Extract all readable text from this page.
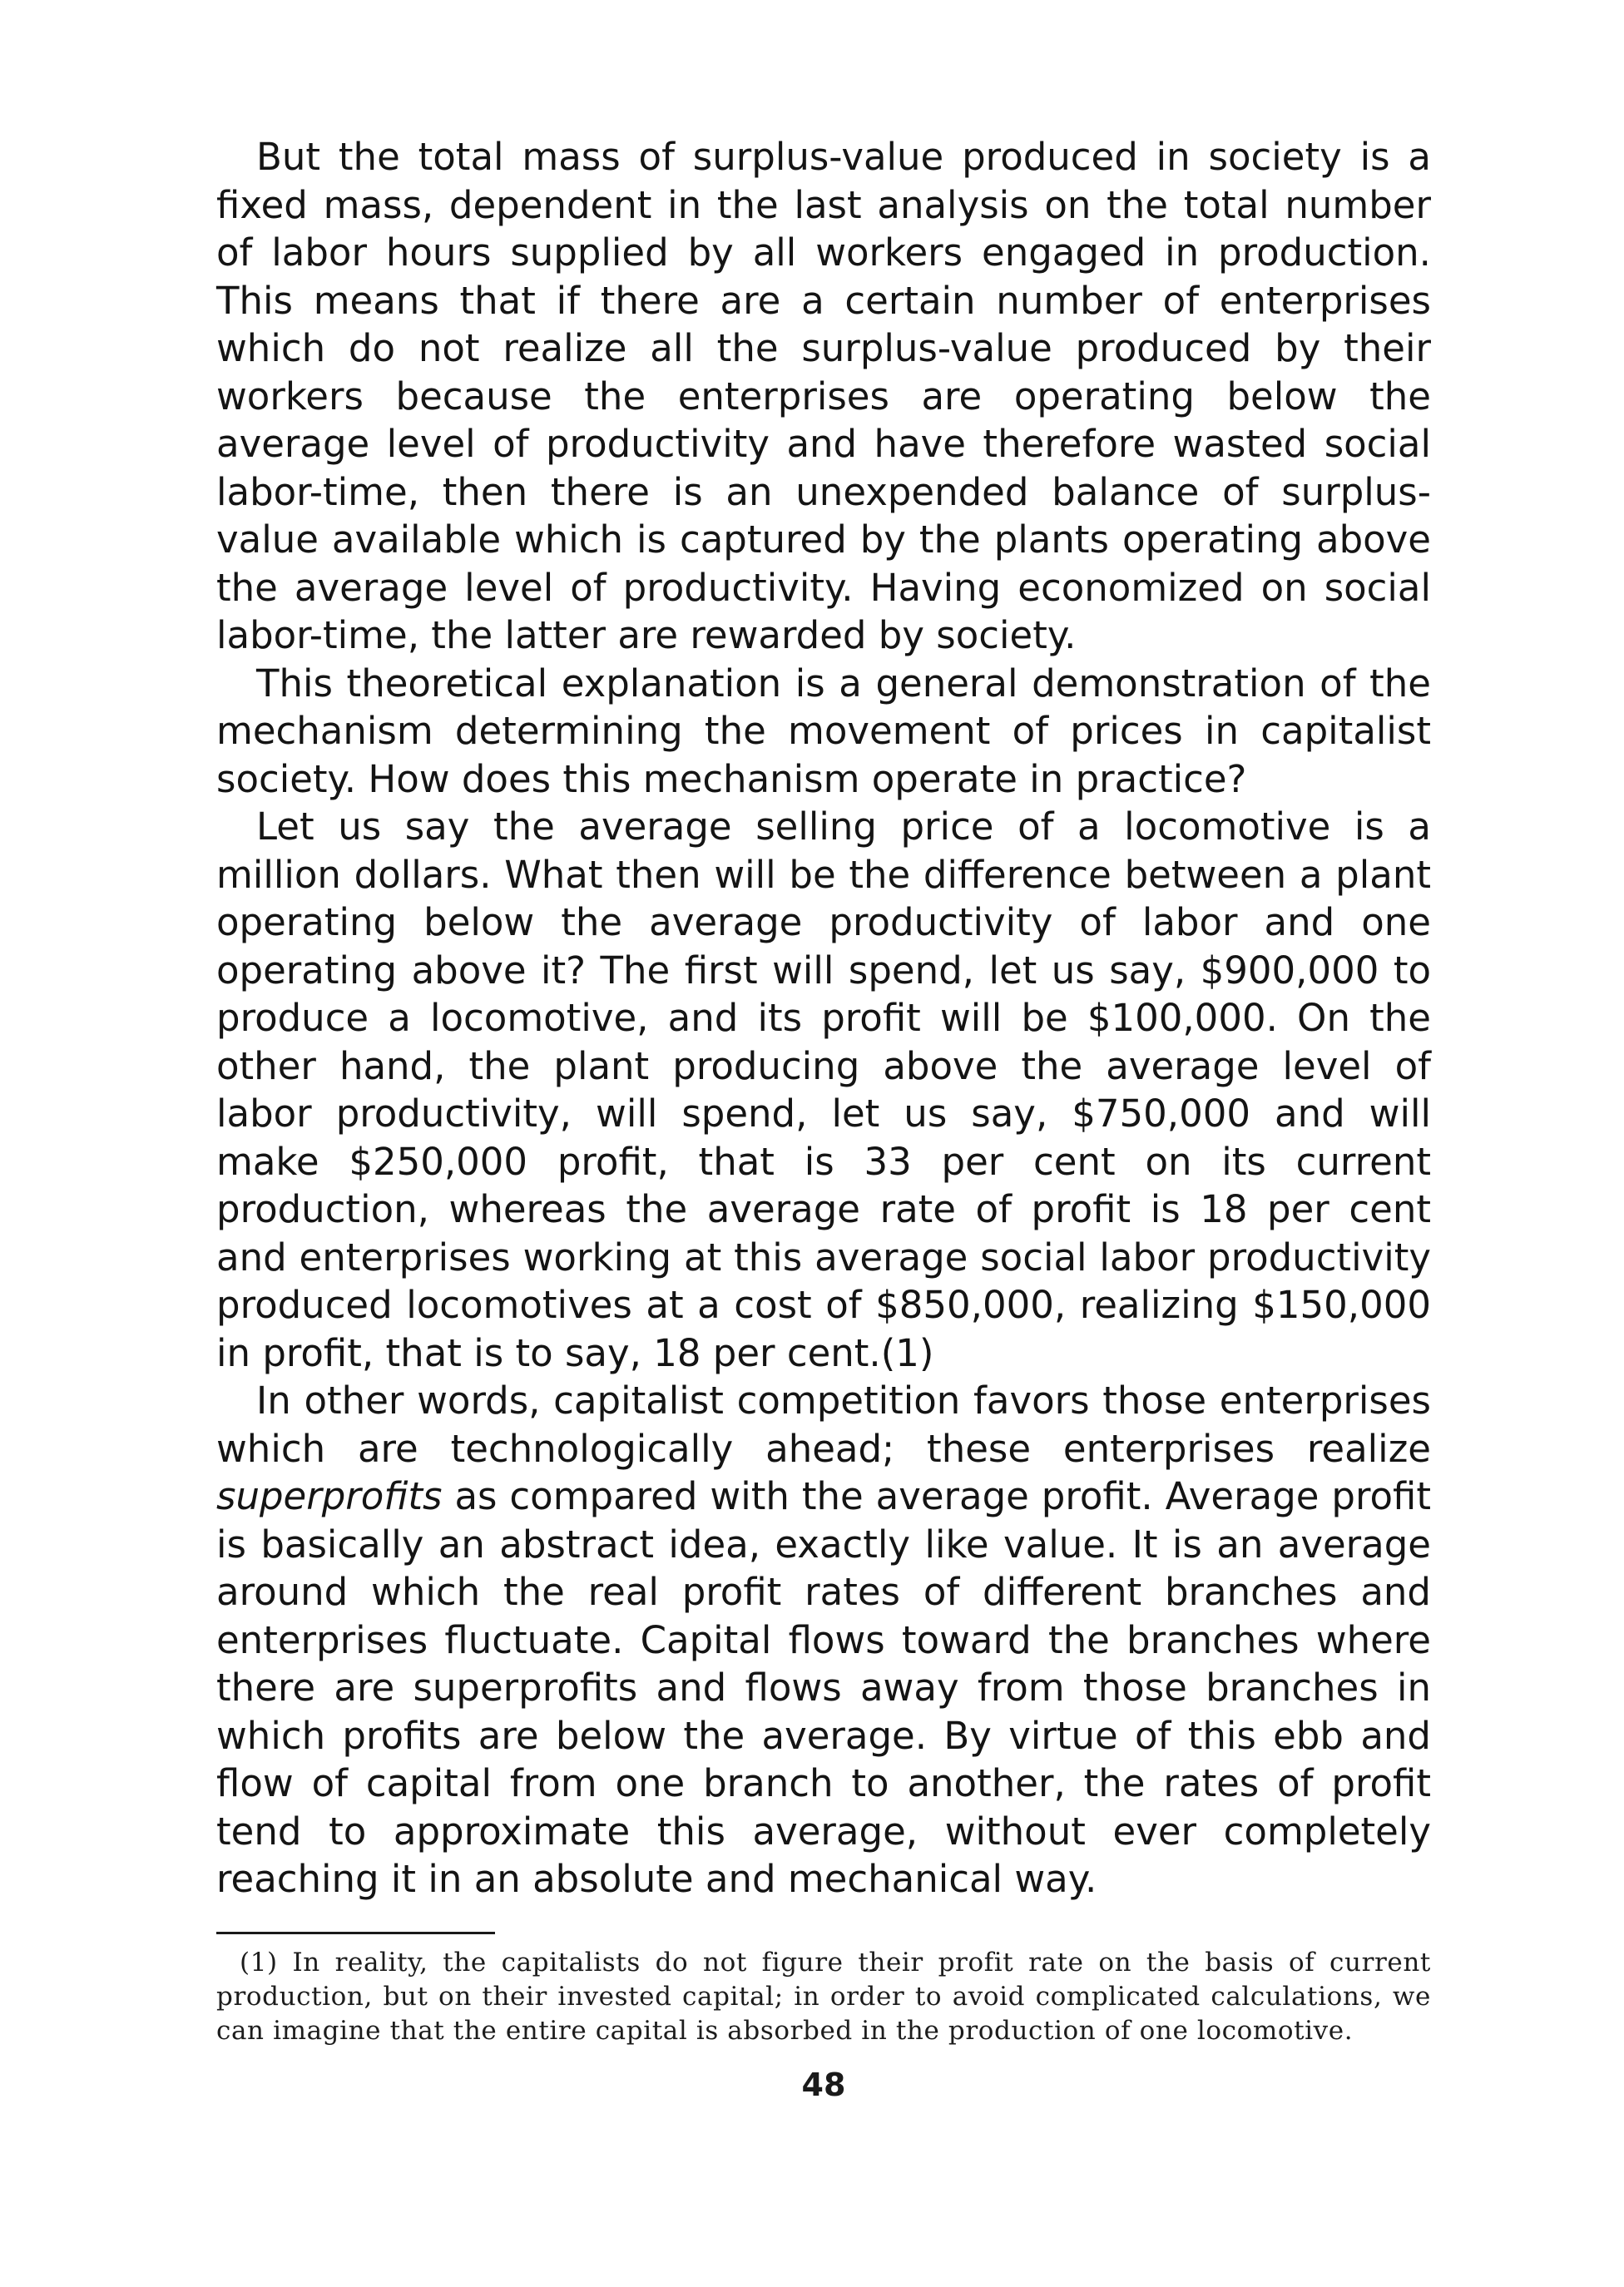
But the total mass of surplus-value produced in society is a fixed mass, dependent in the last analysis on the total number of labor hours supplied by all workers engaged in production. This means that if there are a certain number of enterprises which do not realize all the surplus-value produced by their workers because the enterprises are operating below the average level of productivity and have therefore wasted social labor-time, then there is an unexpended balance of surplus-value available which is captured by the plants operating above the average level of productivity. Having economized on social labor-time, the latter are rewarded by society.

This theoretical explanation is a general demonstration of the mechanism determining the movement of prices in capitalist society. How does this mechanism operate in practice?

Let us say the average selling price of a locomotive is a million dollars. What then will be the difference between a plant operating below the average productivity of labor and one operating above it? The first will spend, let us say, $900,000 to produce a locomotive, and its profit will be $100,000. On the other hand, the plant producing above the average level of labor productivity, will spend, let us say, $750,000 and will make $250,000 profit, that is 33 per cent on its current production, whereas the average rate of profit is 18 per cent and enterprises working at this average social labor productivity produced locomotives at a cost of $850,000, realizing $150,000 in profit, that is to say, 18 per cent.(1)

In other words, capitalist competition favors those enterprises which are technologically ahead; these enterprises realize superprofits as compared with the average profit. Average profit is basically an abstract idea, exactly like value. It is an average around which the real profit rates of different branches and enterprises fluctuate. Capital flows toward the branches where there are superprofits and flows away from those branches in which profits are below the average. By virtue of this ebb and flow of capital from one branch to another, the rates of profit tend to approximate this average, without ever completely reaching it in an absolute and mechanical way.

(1) In reality, the capitalists do not figure their profit rate on the basis of current production, but on their invested capital; in order to avoid complicated calculations, we can imagine that the entire capital is absorbed in the production of one locomotive.
48
